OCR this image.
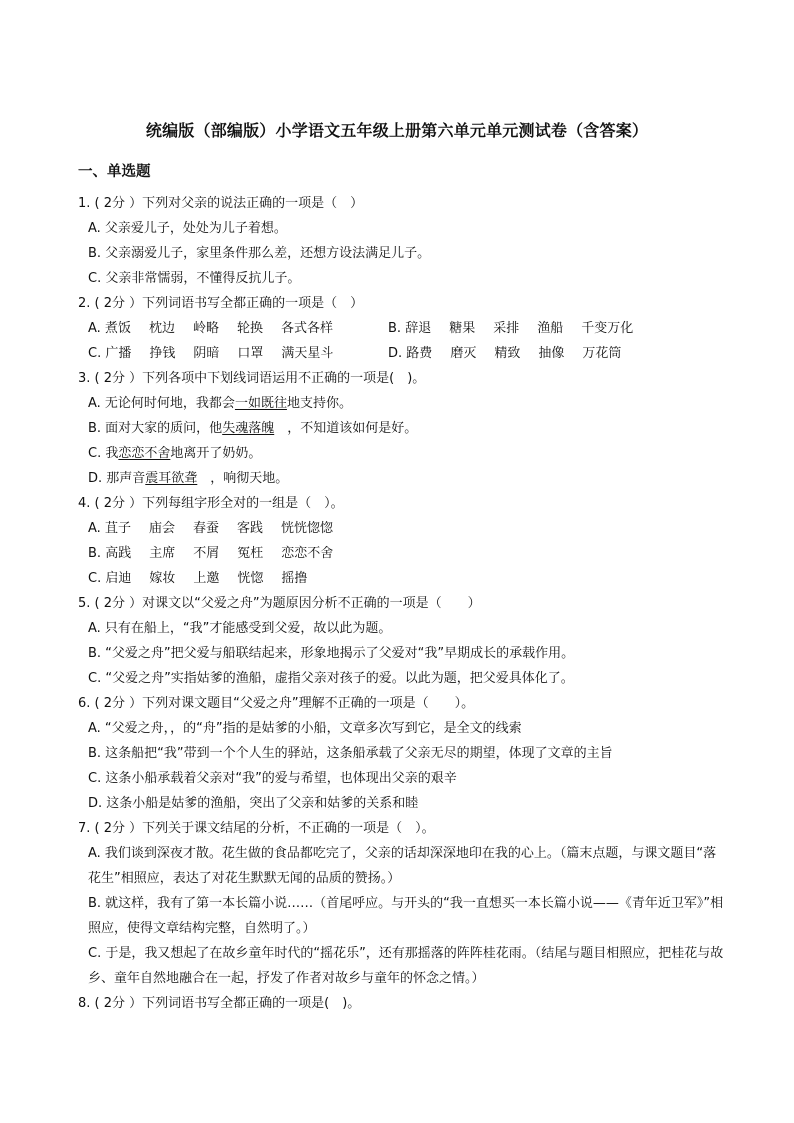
统编版（部编版）小学语文五年级上册第六单元单元测试卷（含答案）
一、单选题
1. ( 2分 ）下列对父亲的说法正确的一项是（　）
A. 父亲爱儿子，处处为儿子着想。
B. 父亲溺爱儿子，家里条件那么差，还想方设法满足儿子。
C. 父亲非常懦弱，不懂得反抗儿子。
2. ( 2分 ）下列词语书写全都正确的一项是（　）
A. 煮饭 枕边 岭略 轮换 各式各样	B. 辞退 糖果 采排 渔船 千变万化
C. 广播 挣钱 阴暗 口罩 满天星斗	D. 路费 磨灭 精致 抽像 万花筒
3. ( 2分 ）下列各项中下划线词语运用不正确的一项是(　)。
A. 无论何时何地，我都会一如既往地支持你。
B. 面对大家的质问，他失魂落魄　，不知道该如何是好。
C. 我恋恋不舍地离开了奶奶。
D. 那声音震耳欲聋　，响彻天地。
4. ( 2分 ）下列每组字形全对的一组是（　）。
A. 苴子 庙会 春蚕 客践 恍恍惚惚
B. 高践 主席 不屑 冤枉 恋恋不舍
C. 启迪 嫁妆 上邀 恍惚 摇撸
5. ( 2分 ）对课文以“父爱之舟”为题原因分析不正确的一项是（　　）
A. 只有在船上，“我”才能感受到父爱，故以此为题。
B. “父爱之舟”把父爱与船联结起来，形象地揭示了父爱对“我”早期成长的承载作用。
C. “父爱之舟”实指姑爹的渔船，虚指父亲对孩子的爱。以此为题，把父爱具体化了。
6. ( 2分 ）下列对课文题目“父爱之舟”理解不正确的一项是（　　）。
A. “父爱之舟，，的“舟”指的是姑爹的小船，文章多次写到它，是全文的线索
B. 这条船把“我”带到一个个人生的驿站，这条船承载了父亲无尽的期望，体现了文章的主旨
C. 这条小船承载着父亲对“我”的爱与希望，也体现出父亲的艰辛
D. 这条小船是姑爹的渔船，突出了父亲和姑爹的关系和睦
7. ( 2分 ）下列关于课文结尾的分析，不正确的一项是（　）。
A. 我们谈到深夜才散。花生做的食品都吃完了，父亲的话却深深地印在我的心上。（篇末点题，与课文题目“落花生”相照应，表达了对花生默默无闻的品质的赞扬。）
B. 就这样，我有了第一本长篇小说……（首尾呼应。与开头的“我一直想买一本长篇小说——《青年近卫军》”相照应，使得文章结构完整，自然明了。）
C. 于是，我又想起了在故乡童年时代的“摇花乐”，还有那摇落的阵阵桂花雨。（结尾与题目相照应，把桂花与故乡、童年自然地融合在一起，抒发了作者对故乡与童年的怀念之情。）
8. ( 2分 ）下列词语书写全都正确的一项是(　)。
